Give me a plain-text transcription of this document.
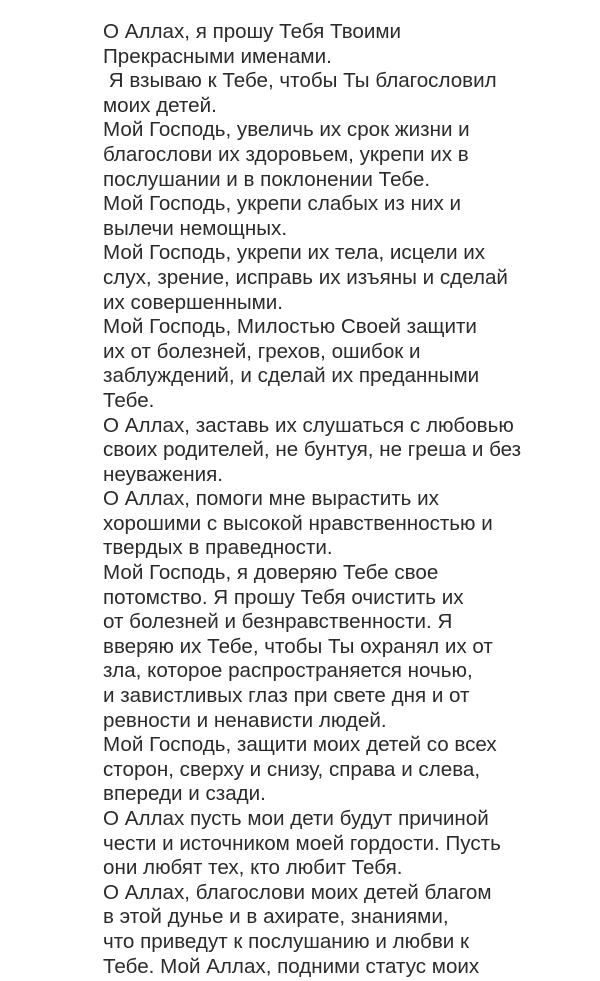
О Аллах, я прошу Тебя Твоими
Прекрасными именами.
Я взываю к Тебе, чтобы Ты благословил
моих детей.
Мой Господь, увеличь их срок жизни и
благослови их здоровьем, укрепи их в
послушании и в поклонении Тебе.
Мой Господь, укрепи слабых из них и
вылечи немощных.
Мой Господь, укрепи их тела, исцели их
слух, зрение, исправь их изъяны и сделай
их совершенными.
Мой Господь, Милостью Своей защити
их от болезней, грехов, ошибок и
заблуждений, и сделай их преданными
Тебе.
О Аллах, заставь их слушаться с любовью
своих родителей, не бунтуя, не греша и без
неуважения.
О Аллах, помоги мне вырастить их
хорошими с высокой нравственностью и
твердых в праведности.
Мой Господь, я доверяю Тебе свое
потомство. Я прошу Тебя очистить их
от болезней и безнравственности. Я
вверяю их Тебе, чтобы Ты охранял их от
зла, которое распространяется ночью,
и завистливых глаз при свете дня и от
ревности и ненависти людей.
Мой Господь, защити моих детей со всех
сторон, сверху и снизу, справа и слева,
впереди и сзади.
О Аллах пусть мои дети будут причиной
чести и источником моей гордости. Пусть
они любят тех, кто любит Тебя.
О Аллах, благослови моих детей благом
в этой дунье и в ахирате, знаниями,
что приведут к послушанию и любви к
Тебе. Мой Аллах, подними статус моих
